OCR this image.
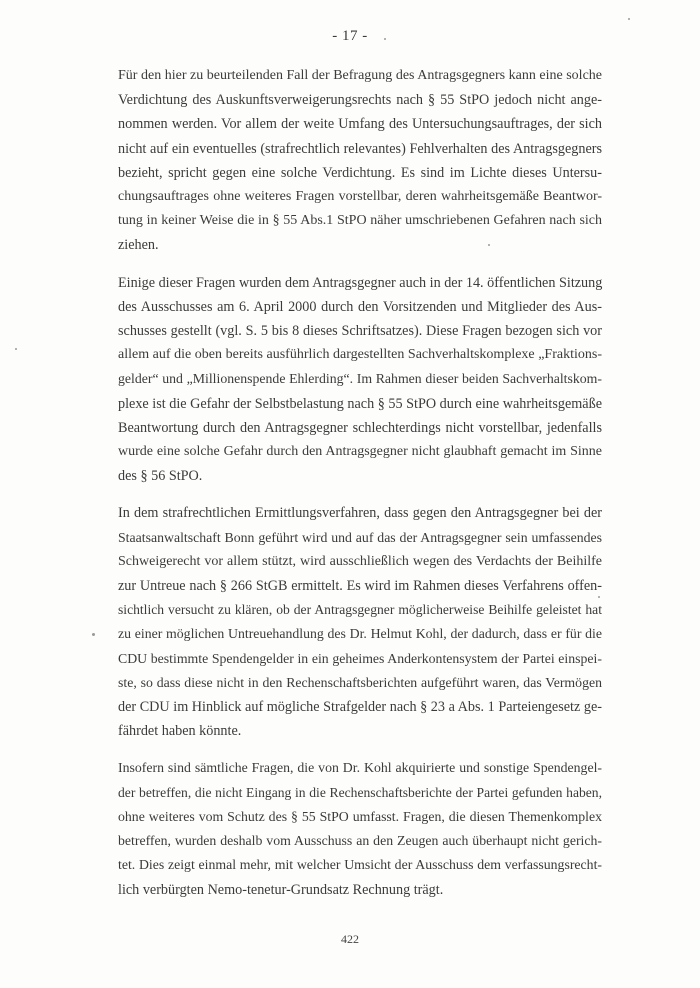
- 17 -

Für den hier zu beurteilenden Fall der Befragung des Antragsgegners kann eine solche
Verdichtung des Auskunftsverweigerungsrechts nach § 55 StPO jedoch nicht ange-
nommen werden. Vor allem der weite Umfang des Untersuchungsauftrages, der sich
nicht auf ein eventuelles (strafrechtlich relevantes) Fehlverhalten des Antragsgegners
bezieht, spricht gegen eine solche Verdichtung. Es sind im Lichte dieses Untersu-
chungsauftrages ohne weiteres Fragen vorstellbar, deren wahrheitsgemäße Beantwor-
tung in keiner Weise die in § 55 Abs.1 StPO näher umschriebenen Gefahren nach sich
ziehen.

Einige dieser Fragen wurden dem Antragsgegner auch in der 14. öffentlichen Sitzung
des Ausschusses am 6. April 2000 durch den Vorsitzenden und Mitglieder des Aus-
schusses gestellt (vgl. S. 5 bis 8 dieses Schriftsatzes). Diese Fragen bezogen sich vor
allem auf die oben bereits ausführlich dargestellten Sachverhaltskomplexe „Fraktions-
gelder“ und „Millionenspende Ehlerding“. Im Rahmen dieser beiden Sachverhaltskom-
plexe ist die Gefahr der Selbstbelastung nach § 55 StPO durch eine wahrheitsgemäße
Beantwortung durch den Antragsgegner schlechterdings nicht vorstellbar, jedenfalls
wurde eine solche Gefahr durch den Antragsgegner nicht glaubhaft gemacht im Sinne
des § 56 StPO.

In dem strafrechtlichen Ermittlungsverfahren, dass gegen den Antragsgegner bei der
Staatsanwaltschaft Bonn geführt wird und auf das der Antragsgegner sein umfassendes
Schweigerecht vor allem stützt, wird ausschließlich wegen des Verdachts der Beihilfe
zur Untreue nach § 266 StGB ermittelt. Es wird im Rahmen dieses Verfahrens offen-
sichtlich versucht zu klären, ob der Antragsgegner möglicherweise Beihilfe geleistet hat
zu einer möglichen Untreuehandlung des Dr. Helmut Kohl, der dadurch, dass er für die
CDU bestimmte Spendengelder in ein geheimes Anderkontensystem der Partei einspei-
ste, so dass diese nicht in den Rechenschaftsberichten aufgeführt waren, das Vermögen
der CDU im Hinblick auf mögliche Strafgelder nach § 23 a Abs. 1 Parteiengesetz ge-
fährdet haben könnte.

Insofern sind sämtliche Fragen, die von Dr. Kohl akquirierte und sonstige Spendengel-
der betreffen, die nicht Eingang in die Rechenschaftsberichte der Partei gefunden haben,
ohne weiteres vom Schutz des § 55 StPO umfasst. Fragen, die diesen Themenkomplex
betreffen, wurden deshalb vom Ausschuss an den Zeugen auch überhaupt nicht gerich-
tet. Dies zeigt einmal mehr, mit welcher Umsicht der Ausschuss dem verfassungsrecht-
lich verbürgten Nemo-tenetur-Grundsatz Rechnung trägt.

422
